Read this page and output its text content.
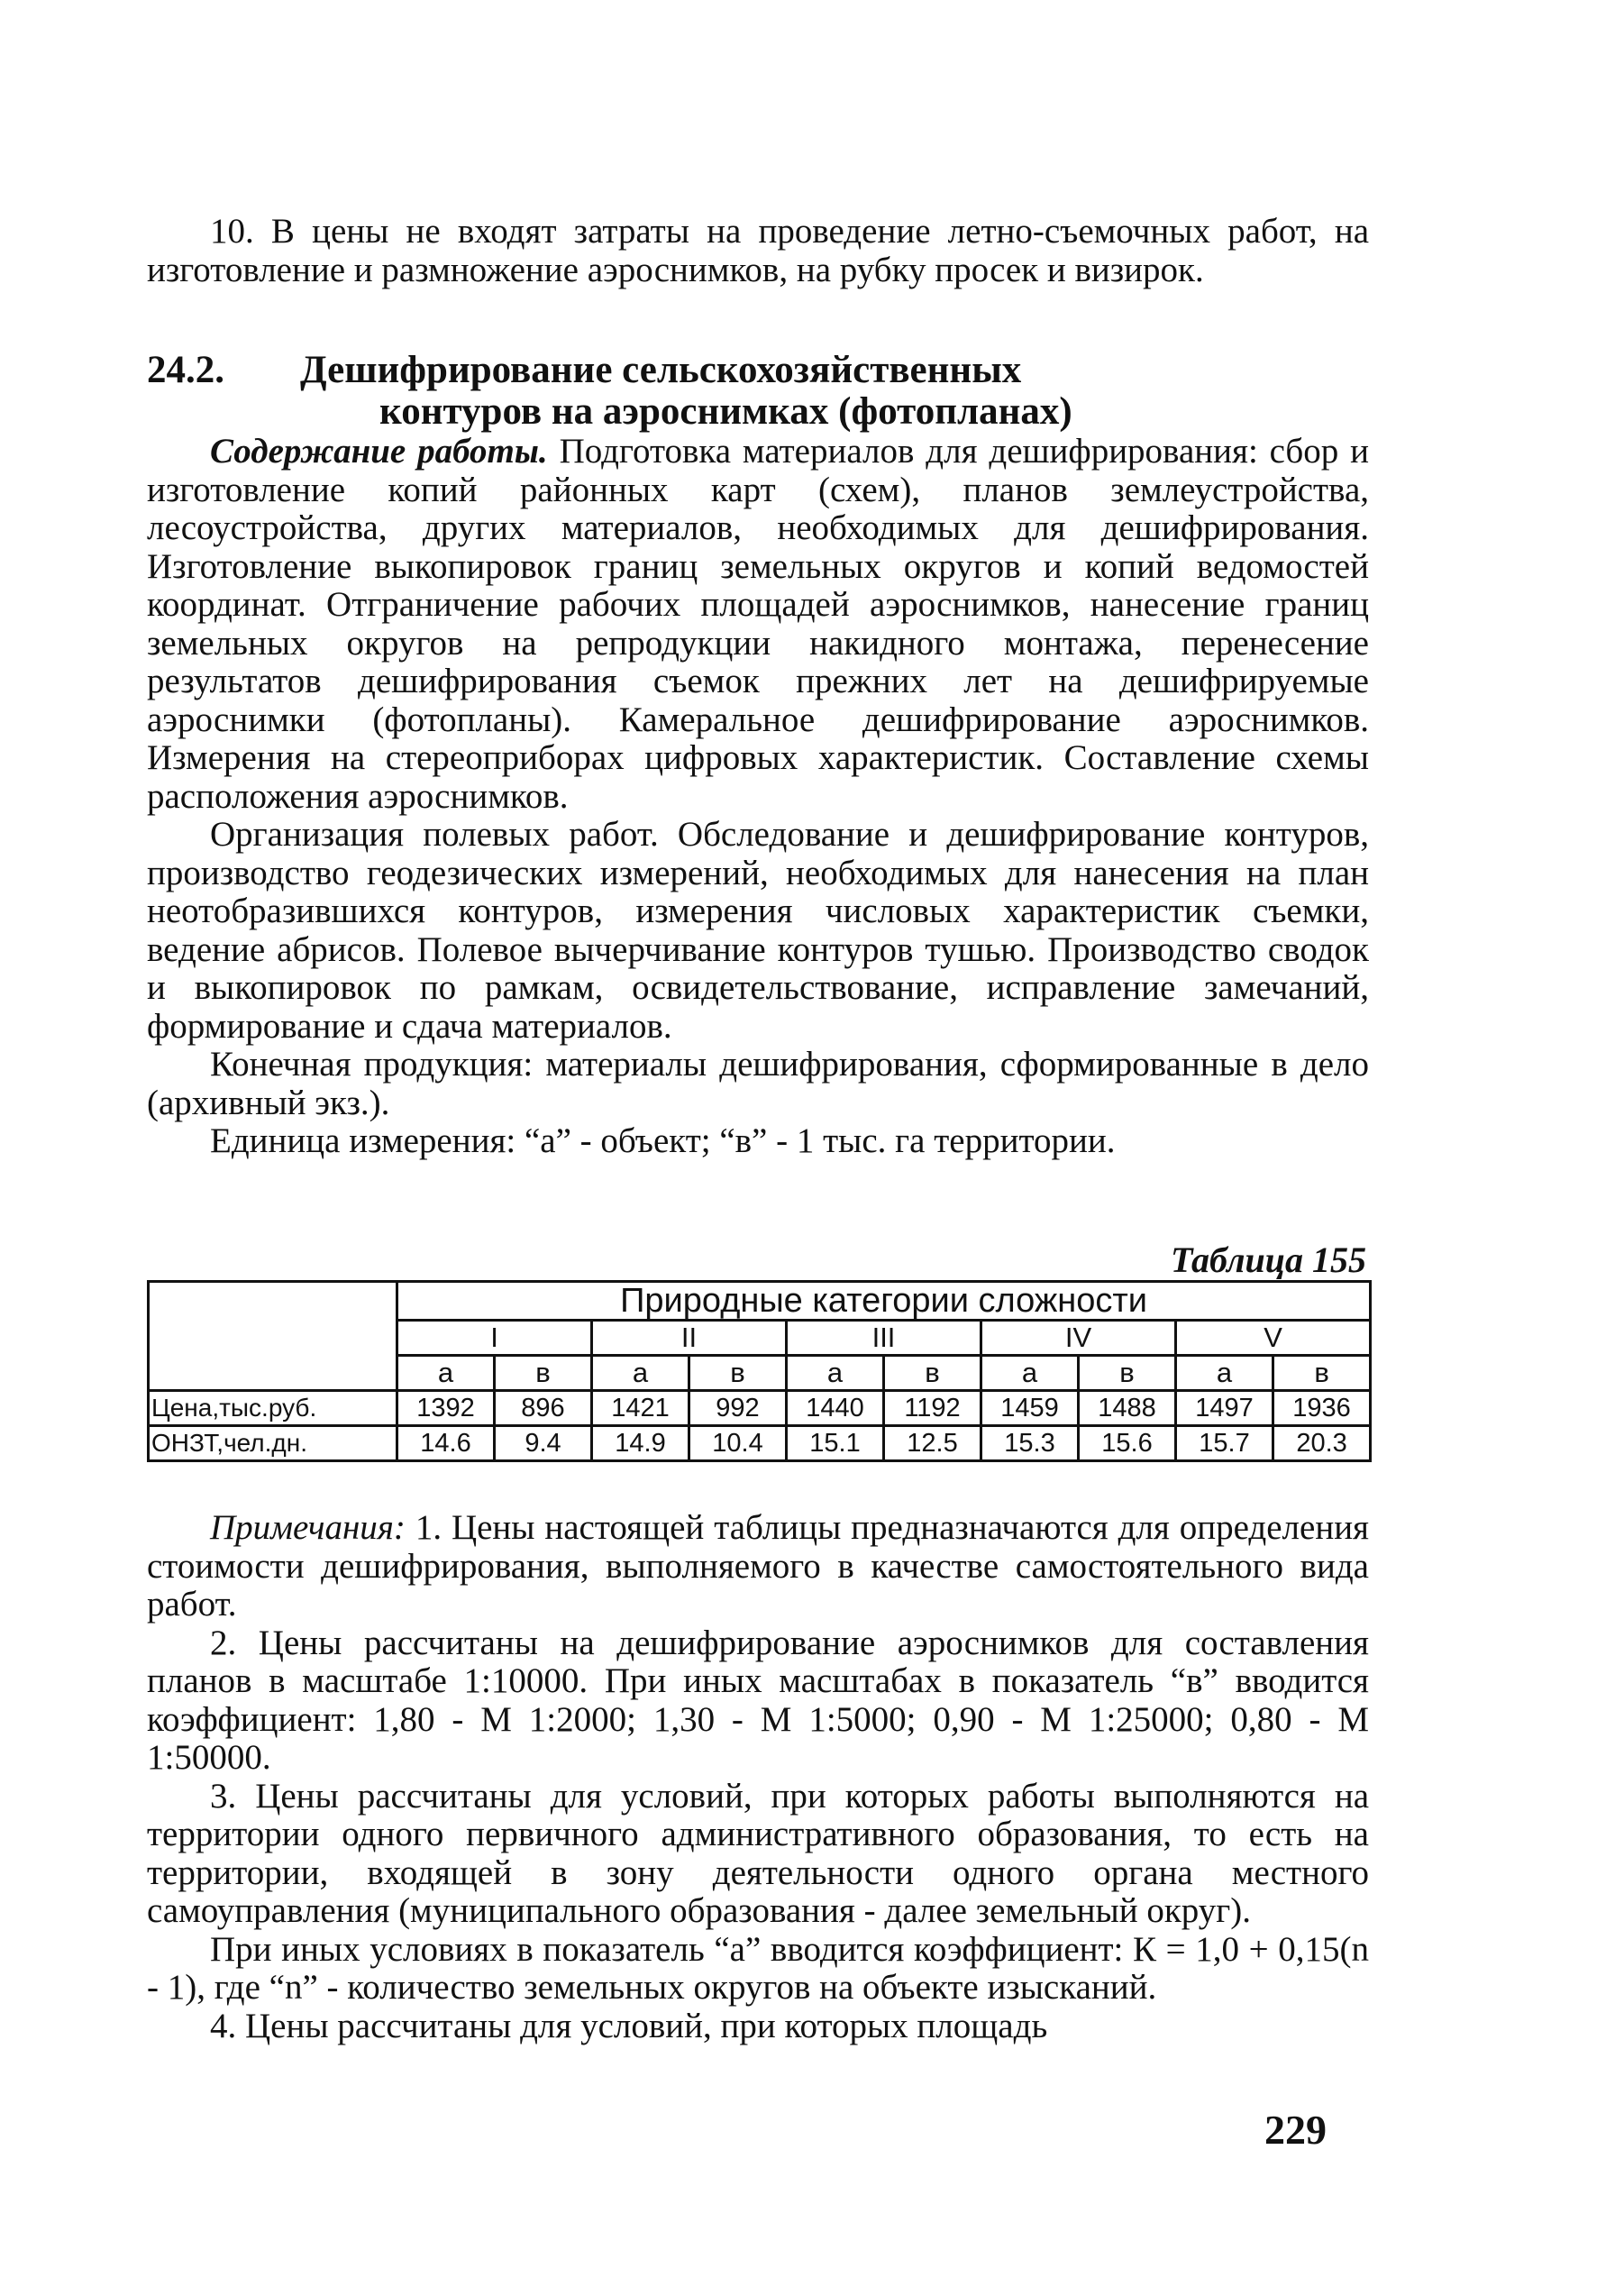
10. В цены не входят затраты на проведение летно-съемочных работ, на изготовление и размножение аэроснимков, на рубку просек и визирок.

24.2. Дешифрирование сельскохозяйственных
контуров на аэроснимках (фотопланах)

Содержание работы. Подготовка материалов для дешифрирования: сбор и изготовление копий районных карт (схем), планов землеустройства, лесоустройства, других материалов, необходимых для дешифрирования. Изготовление выкопировок границ земельных округов и копий ведомостей координат. Отграничение рабочих площадей аэроснимков, нанесение границ земельных округов на репродукции накидного монтажа, перенесение результатов дешифрирования съемок прежних лет на дешифрируемые аэроснимки (фотопланы). Камеральное дешифрирование аэроснимков. Измерения на стереоприборах цифровых характеристик. Составление схемы расположения аэроснимков.

Организация полевых работ. Обследование и дешифрирование контуров, производство геодезических измерений, необходимых для нанесения на план неотобразившихся контуров, измерения числовых характеристик съемки, ведение абрисов. Полевое вычерчивание контуров тушью. Производство сводок и выкопировок по рамкам, освидетельствование, исправление замечаний, формирование и сдача материалов.

Конечная продукция: материалы дешифрирования, сформированные в дело (архивный экз.).

Единица измерения: “а” - объект; “в” - 1 тыс. га территории.

Таблица 155
	Природные категории сложности									
	I		II		III		IV		V	
	а	в	а	в	а	в	а	в	а	в
Цена,тыс.руб.	1392	896	1421	992	1440	1192	1459	1488	1497	1936
ОНЗТ,чел.дн.	14.6	9.4	14.9	10.4	15.1	12.5	15.3	15.6	15.7	20.3

Примечания: 1. Цены настоящей таблицы предназначаются для определения стоимости дешифрирования, выполняемого в качестве самостоятельного вида работ.

2. Цены рассчитаны на дешифрирование аэроснимков для составления планов в масштабе 1:10000. При иных масштабах в показатель “в” вводится коэффициент: 1,80 - М 1:2000; 1,30 - М 1:5000; 0,90 - М 1:25000; 0,80 - М 1:50000.

3. Цены рассчитаны для условий, при которых работы выполняются на территории одного первичного административного образования, то есть на территории, входящей в зону деятельности одного органа местного самоуправления (муниципального образования - далее земельный округ).

При иных условиях в показатель “а” вводится коэффициент: К = 1,0 + 0,15(n - 1), где “n” - количество земельных округов на объекте изысканий.

4. Цены рассчитаны для условий, при которых площадь

229
